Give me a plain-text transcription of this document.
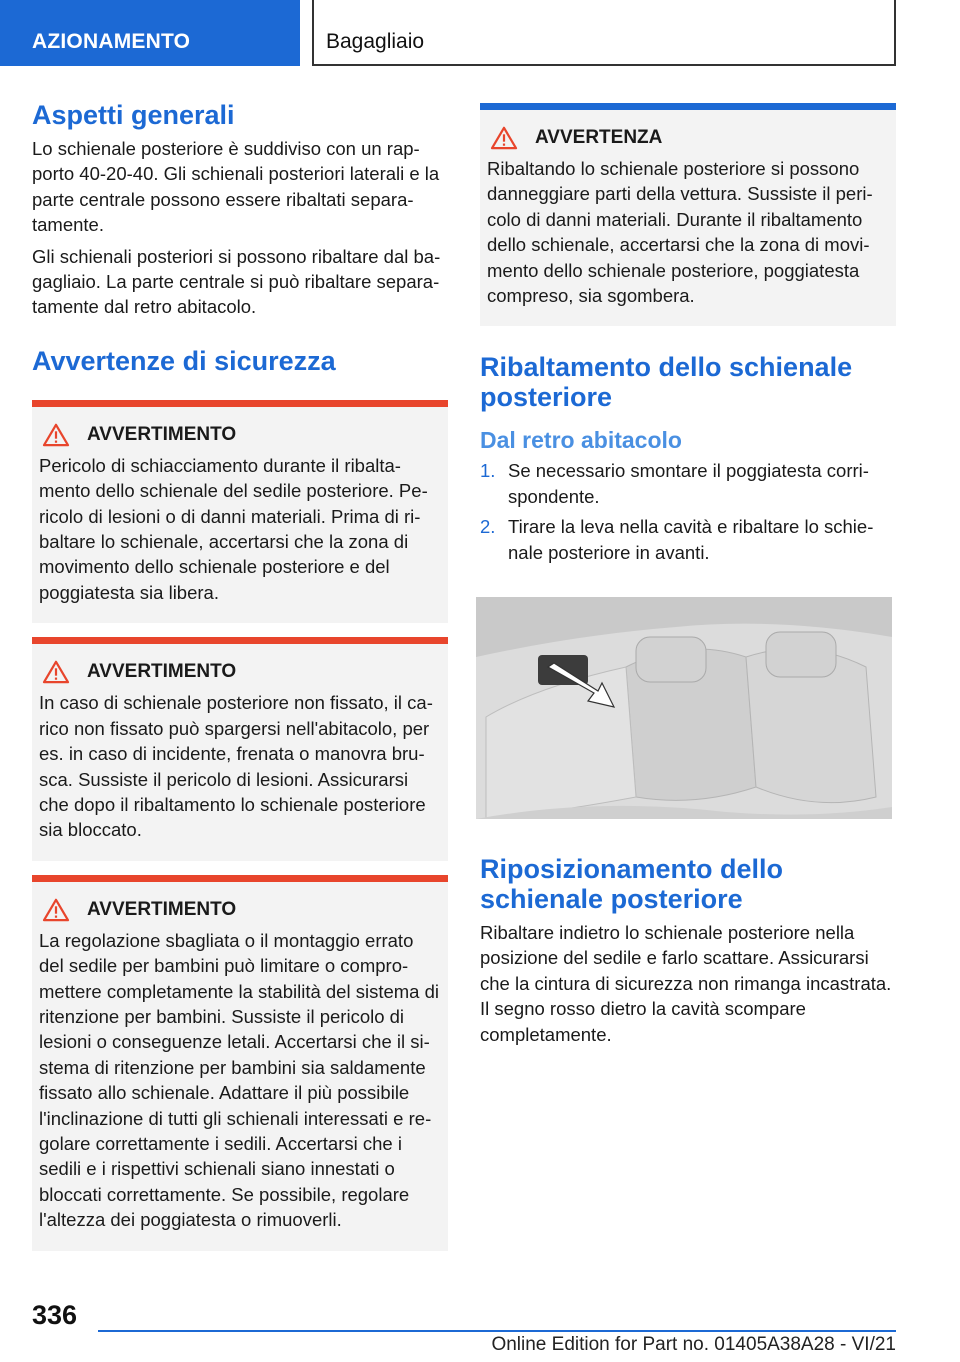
AZIONAMENTO	Bagagliaio
Aspetti generali

Lo schienale posteriore è suddiviso con un rapporto 40-20-40. Gli schienali posteriori laterali e la parte centrale possono essere ribaltati separatamente.

Gli schienali posteriori si possono ribaltare dal bagagliaio. La parte centrale si può ribaltare separatamente dal retro abitacolo.

Avvertenze di sicurezza
AVVERTIMENTO

Pericolo di schiacciamento durante il ribaltamento dello schienale del sedile posteriore. Pericolo di lesioni o di danni materiali. Prima di ribaltare lo schienale, accertarsi che la zona di movimento dello schienale posteriore e del poggiatesta sia libera.

AVVERTIMENTO

In caso di schienale posteriore non fissato, il carico non fissato può spargersi nell'abitacolo, per es. in caso di incidente, frenata o manovra brusca. Sussiste il pericolo di lesioni. Assicurarsi che dopo il ribaltamento lo schienale posteriore sia bloccato.

AVVERTIMENTO

La regolazione sbagliata o il montaggio errato del sedile per bambini può limitare o compromettere completamente la stabilità del sistema di ritenzione per bambini. Sussiste il pericolo di lesioni o conseguenze letali. Accertarsi che il sistema di ritenzione per bambini sia saldamente fissato allo schienale. Adattare il più possibile l'inclinazione di tutti gli schienali interessati e regolare correttamente i sedili. Accertarsi che i sedili e i rispettivi schienali siano innestati o bloccati correttamente. Se possibile, regolare l'altezza dei poggiatesta o rimuoverli.

AVVERTENZA

Ribaltando lo schienale posteriore si possono danneggiare parti della vettura. Sussiste il pericolo di danni materiali. Durante il ribaltamento dello schienale, accertarsi che la zona di movimento dello schienale posteriore, poggiatesta compreso, sia sgombera.

Ribaltamento dello schienale posteriore
Dal retro abitacolo
1. Se necessario smontare il poggiatesta corrispondente.
2. Tirare la leva nella cavità e ribaltare lo schienale posteriore in avanti.
Riposizionamento dello schienale posteriore

Ribaltare indietro lo schienale posteriore nella posizione del sedile e farlo scattare. Assicurarsi che la cintura di sicurezza non rimanga incastrata. Il segno rosso dietro la cavità scompare completamente.

336
Online Edition for Part no. 01405A38A28 - VI/21
